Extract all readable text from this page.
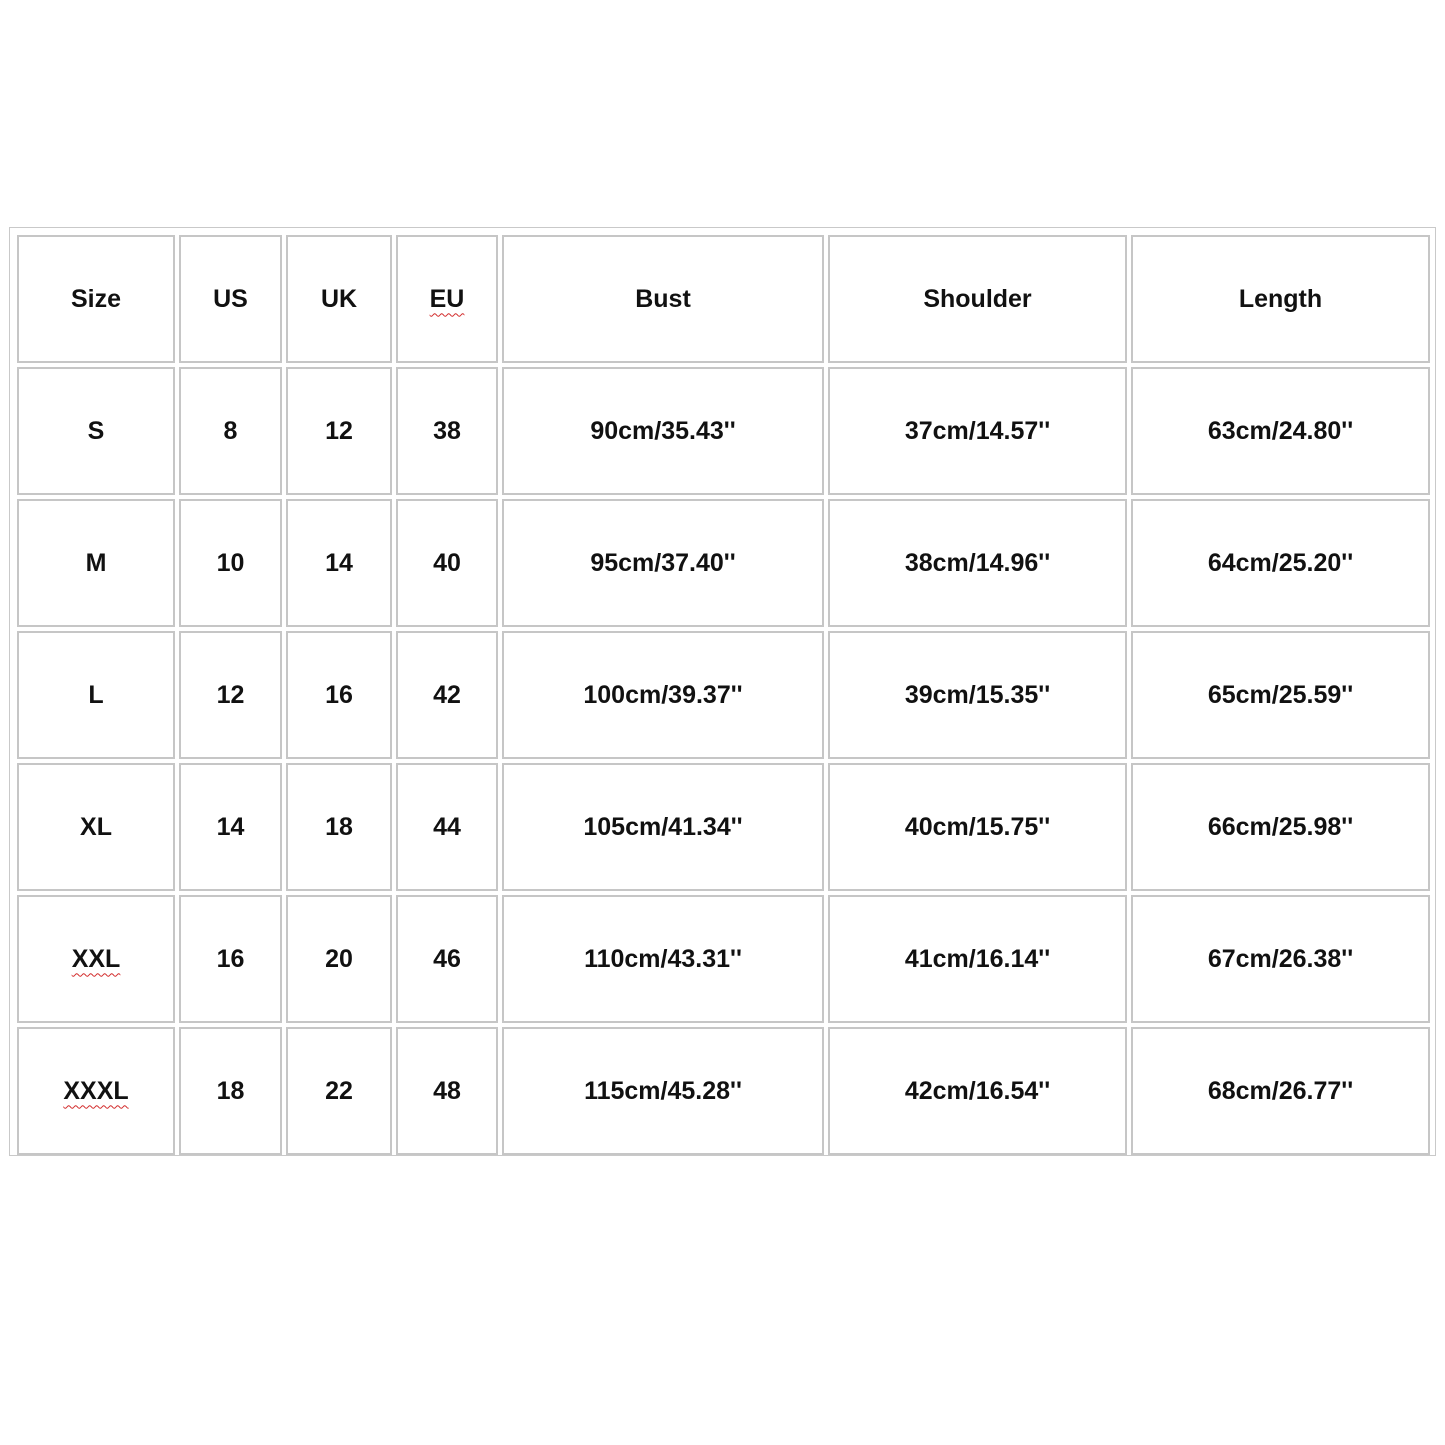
Size	US	UK	EU	Bust	Shoulder	Length
S	8	12	38	90cm/35.43''	37cm/14.57''	63cm/24.80''
M	10	14	40	95cm/37.40''	38cm/14.96''	64cm/25.20''
L	12	16	42	100cm/39.37''	39cm/15.35''	65cm/25.59''
XL	14	18	44	105cm/41.34''	40cm/15.75''	66cm/25.98''
XXL	16	20	46	110cm/43.31''	41cm/16.14''	67cm/26.38''
XXXL	18	22	48	115cm/45.28''	42cm/16.54''	68cm/26.77''
